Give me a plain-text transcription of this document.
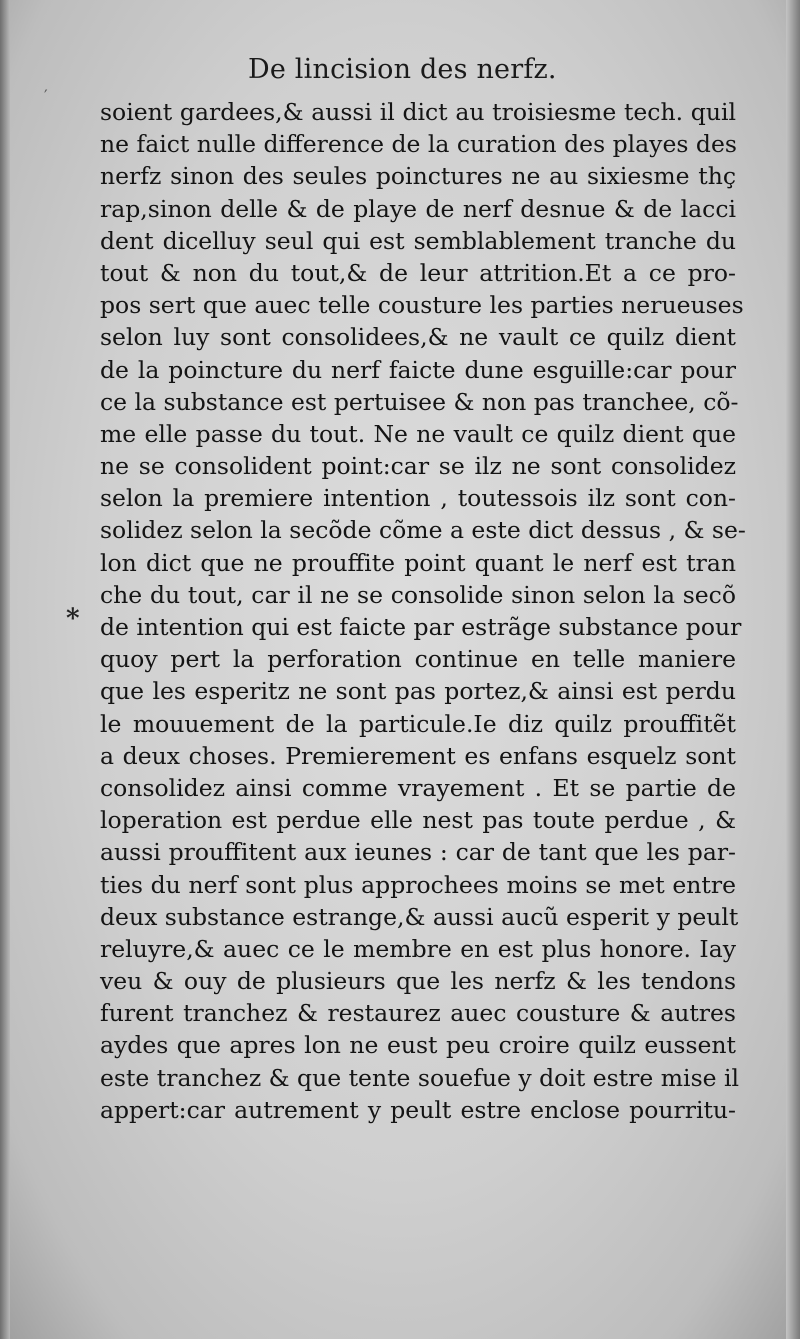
De lincision des nerfz.
′
*
soient gardees,& aussi il dict au troisiesme tech. quil
ne faict nulle difference de la curation des playes des
nerfz sinon des seules poinctures ne au sixiesme thç
rap,sinon delle & de playe de nerf desnue & de lacci
dent dicelluy seul qui est semblablement tranche du
tout & non du tout,& de leur attrition.Et a ce pro-
pos sert que auec telle cousture les parties nerueuses
selon luy sont consolidees,& ne vault ce quilz dient
de la poincture du nerf faicte dune esguille:car pour
ce la substance est pertuisee & non pas tranchee, cõ-
me elle passe du tout. Ne ne vault ce quilz dient que
ne se consolident point:car se ilz ne sont consolidez
selon la premiere intention , toutessois ilz sont con-
solidez selon la secõde cõme a este dict dessus , & se-
lon dict que ne prouffite point quant le nerf est tran
che du tout, car il ne se consolide sinon selon la secõ
de intention qui est faicte par estrãge substance pour
quoy pert la perforation continue en telle maniere
que les esperitz ne sont pas portez,& ainsi est perdu
le mouuement de la particule.Ie diz quilz prouffitẽt
a deux choses. Premierement es enfans esquelz sont
consolidez ainsi comme vrayement . Et se partie de
loperation est perdue elle nest pas toute perdue , &
aussi prouffitent aux ieunes : car de tant que les par-
ties du nerf sont plus approchees moins se met entre
deux substance estrange,& aussi aucũ esperit y peult
reluyre,& auec ce le membre en est plus honore. Iay
veu & ouy de plusieurs que les nerfz & les tendons
furent tranchez & restaurez auec cousture & autres
aydes que apres lon ne eust peu croire quilz eussent
este tranchez & que tente souefue y doit estre mise il
appert:car autrement y peult estre enclose pourritu-
